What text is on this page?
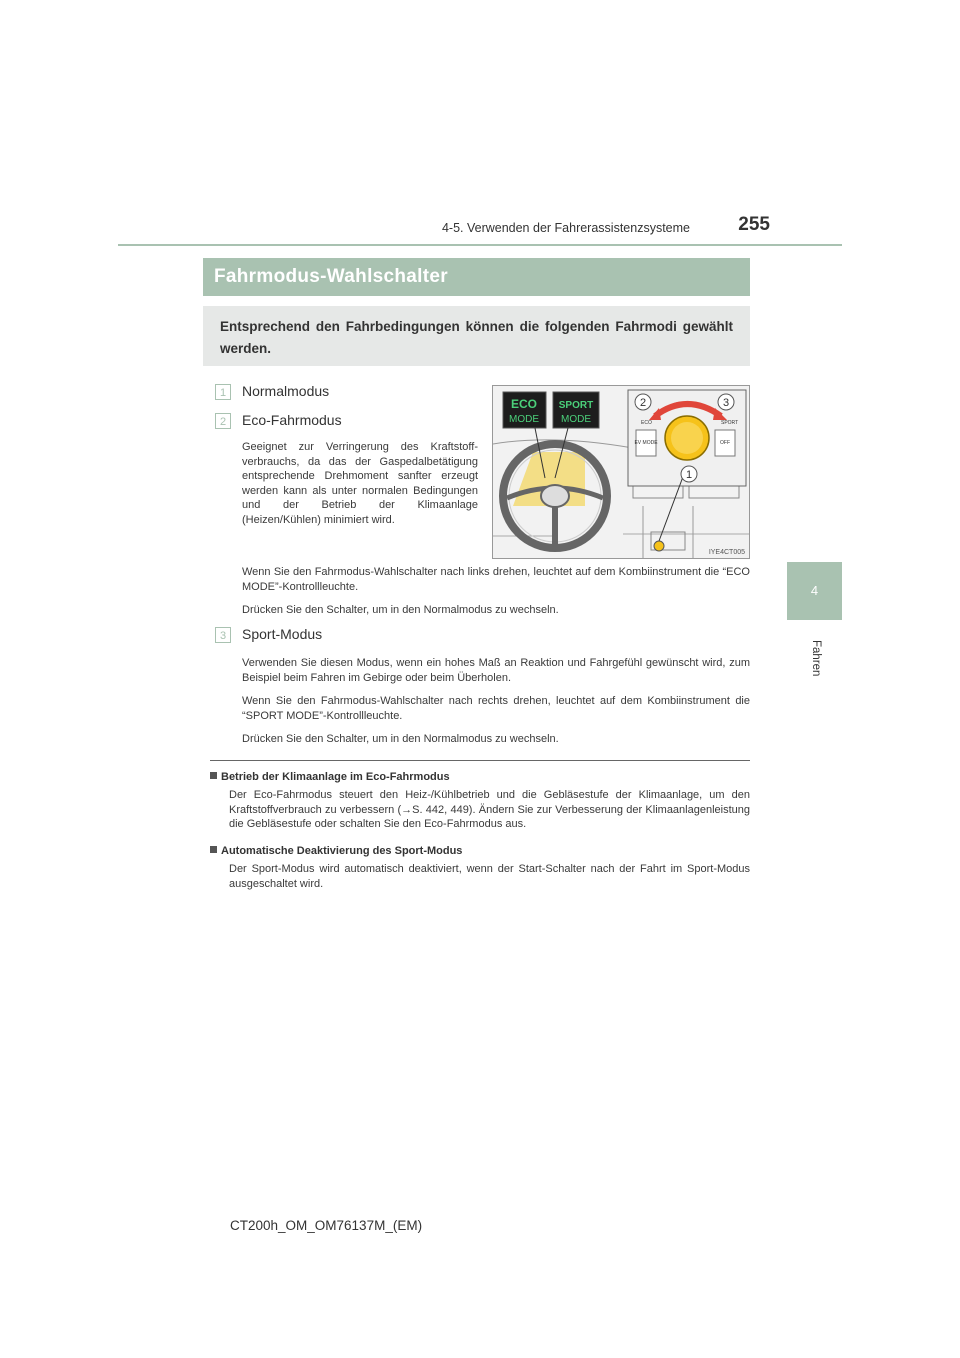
4-5. Verwenden der Fahrerassistenzsysteme	255
4
Fahren
Fahrmodus-Wahlschalter
Entsprechend den Fahrbedingungen können die folgenden Fahrmodi gewählt werden.
1	Normalmodus
2	Eco-Fahrmodus
Geeignet zur Verringerung des Kraftstoff-verbrauchs, da das der Gaspedalbetätigung entsprechende Drehmoment sanfter erzeugt werden kann als unter normalen Bedingungen und der Betrieb der Klimaanlage (Heizen/Kühlen) minimiert wird.
Wenn Sie den Fahrmodus-Wahlschalter nach links drehen, leuchtet auf dem Kombiinstrument die “ECO MODE”-Kontrollleuchte.
Drücken Sie den Schalter, um in den Normalmodus zu wechseln.
3	Sport-Modus
Verwenden Sie diesen Modus, wenn ein hohes Maß an Reaktion und Fahrgefühl gewünscht wird, zum Beispiel beim Fahren im Gebirge oder beim Überholen.
Wenn Sie den Fahrmodus-Wahlschalter nach rechts drehen, leuchtet auf dem Kombiinstrument die “SPORT MODE”-Kontrollleuchte.
Drücken Sie den Schalter, um in den Normalmodus zu wechseln.
ECO
MODE
SPORT
MODE
EV MODE	OFF
ECO	SPORT
NORMAL
2	3
1
IYE4CT005
Betrieb der Klimaanlage im Eco-Fahrmodus
Der Eco-Fahrmodus steuert den Heiz-/Kühlbetrieb und die Gebläsestufe der Klimaanlage, um den Kraftstoffverbrauch zu verbessern (→S. 442, 449). Ändern Sie zur Verbesserung der Klimaanlagenleistung die Gebläsestufe oder schalten Sie den Eco-Fahrmodus aus.
Automatische Deaktivierung des Sport-Modus
Der Sport-Modus wird automatisch deaktiviert, wenn der Start-Schalter nach der Fahrt im Sport-Modus ausgeschaltet wird.
CT200h_OM_OM76137M_(EM)
